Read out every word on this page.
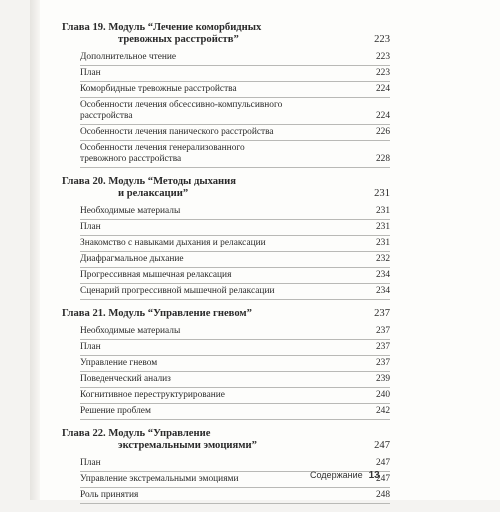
Глава 19. Модуль “Лечение коморбидных
тревожных расстройств”	223
Дополнительное чтение	223
План	223
Коморбидные тревожные расстройства	224
Особенности лечения обсессивно-компульсивного
расстройства	224
Особенности лечения панического расстройства	226
Особенности лечения генерализованного
тревожного расстройства	228
Глава 20. Модуль “Методы дыхания
и релаксации”	231
Необходимые материалы	231
План	231
Знакомство с навыками дыхания и релаксации	231
Диафрагмальное дыхание	232
Прогрессивная мышечная релаксация	234
Сценарий прогрессивной мышечной релаксации	234
Глава 21. Модуль “Управление гневом”	237
Необходимые материалы	237
План	237
Управление гневом	237
Поведенческий анализ	239
Когнитивное переструктурирование	240
Решение проблем	242
Глава 22. Модуль “Управление
экстремальными эмоциями”	247
План	247
Управление экстремальными эмоциями	247
Роль принятия	248
Содержание 13
